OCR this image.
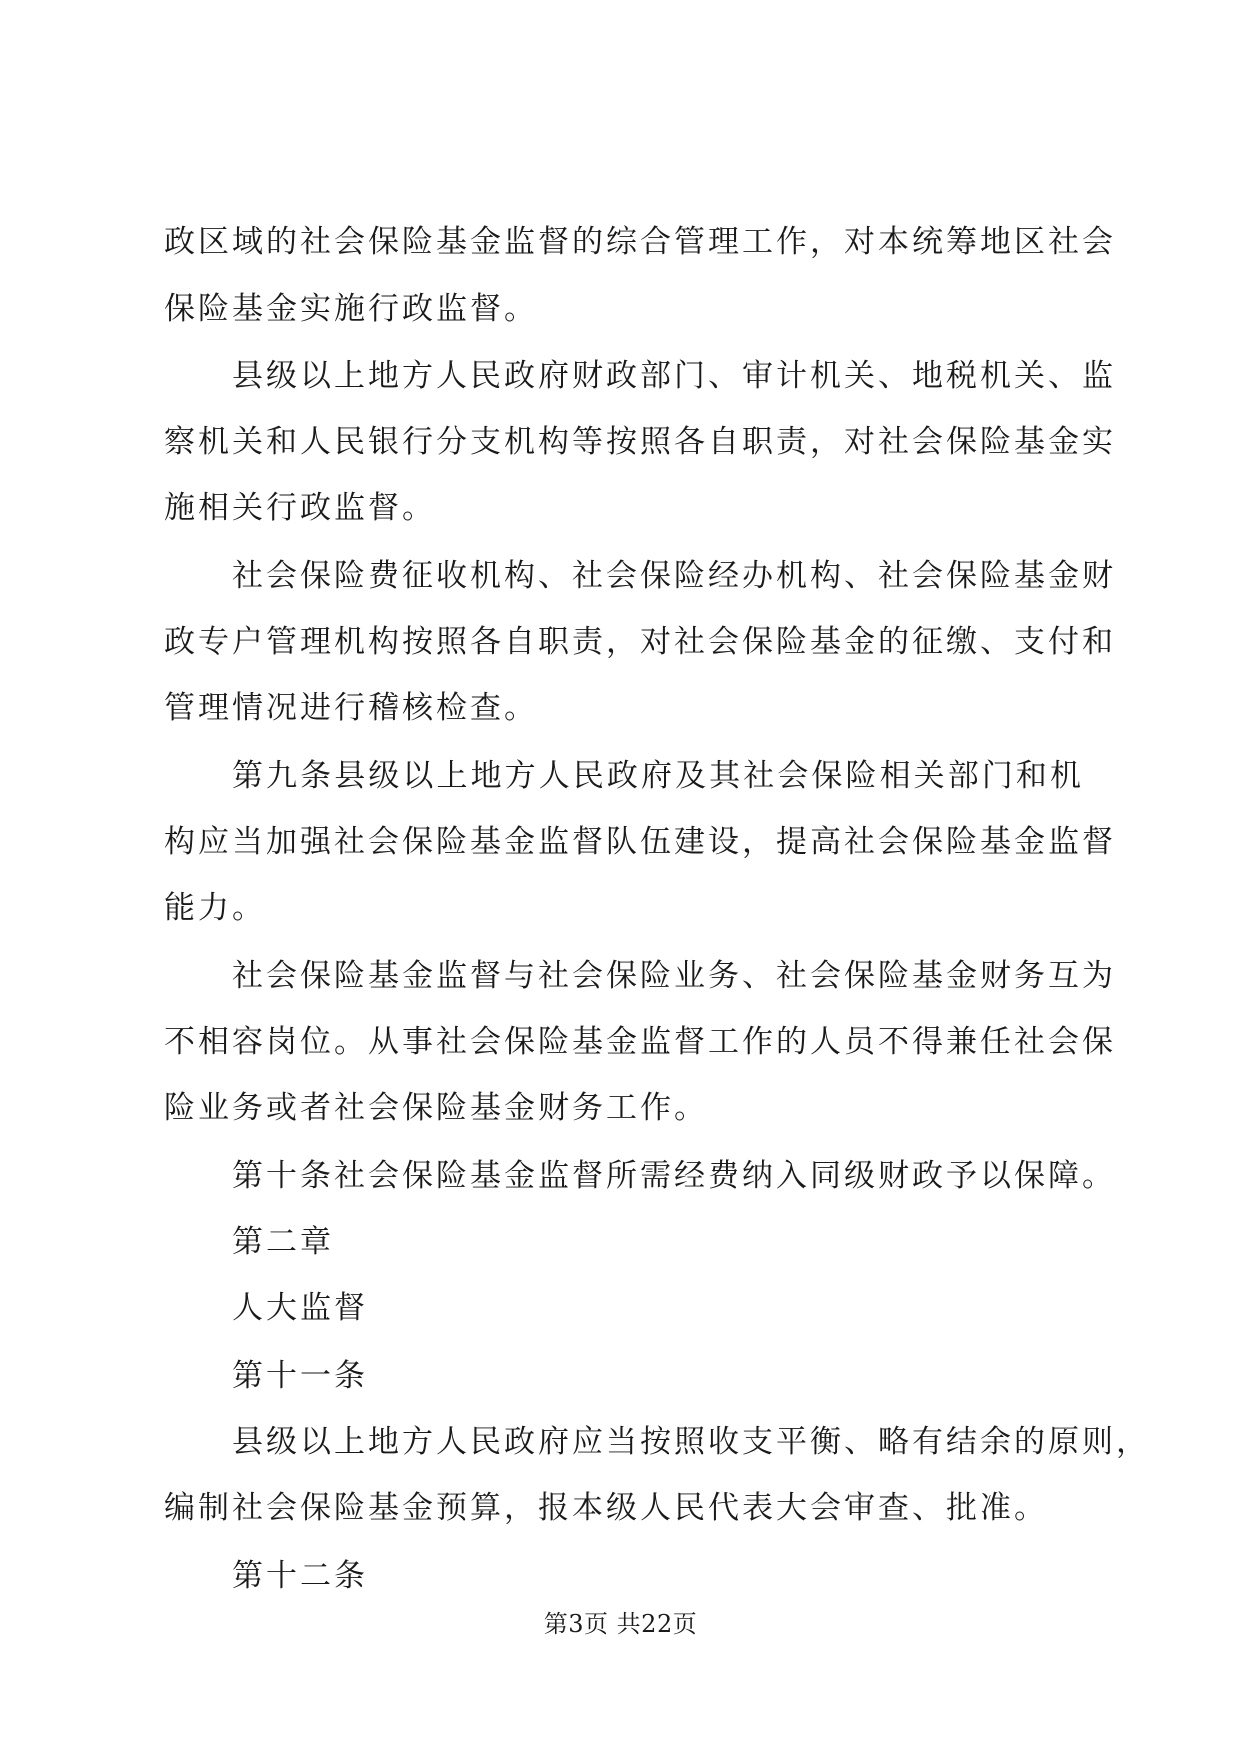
政区域的社会保险基金监督的综合管理工作，对本统筹地区社会
保险基金实施行政监督。
县级以上地方人民政府财政部门、审计机关、地税机关、监
察机关和人民银行分支机构等按照各自职责，对社会保险基金实
施相关行政监督。
社会保险费征收机构、社会保险经办机构、社会保险基金财
政专户管理机构按照各自职责，对社会保险基金的征缴、支付和
管理情况进行稽核检查。
第九条县级以上地方人民政府及其社会保险相关部门和机
构应当加强社会保险基金监督队伍建设，提高社会保险基金监督
能力。
社会保险基金监督与社会保险业务、社会保险基金财务互为
不相容岗位。从事社会保险基金监督工作的人员不得兼任社会保
险业务或者社会保险基金财务工作。
第十条社会保险基金监督所需经费纳入同级财政予以保障。
第二章
人大监督
第十一条
县级以上地方人民政府应当按照收支平衡、略有结余的原则，
编制社会保险基金预算，报本级人民代表大会审查、批准。
第十二条
第3页 共22页
